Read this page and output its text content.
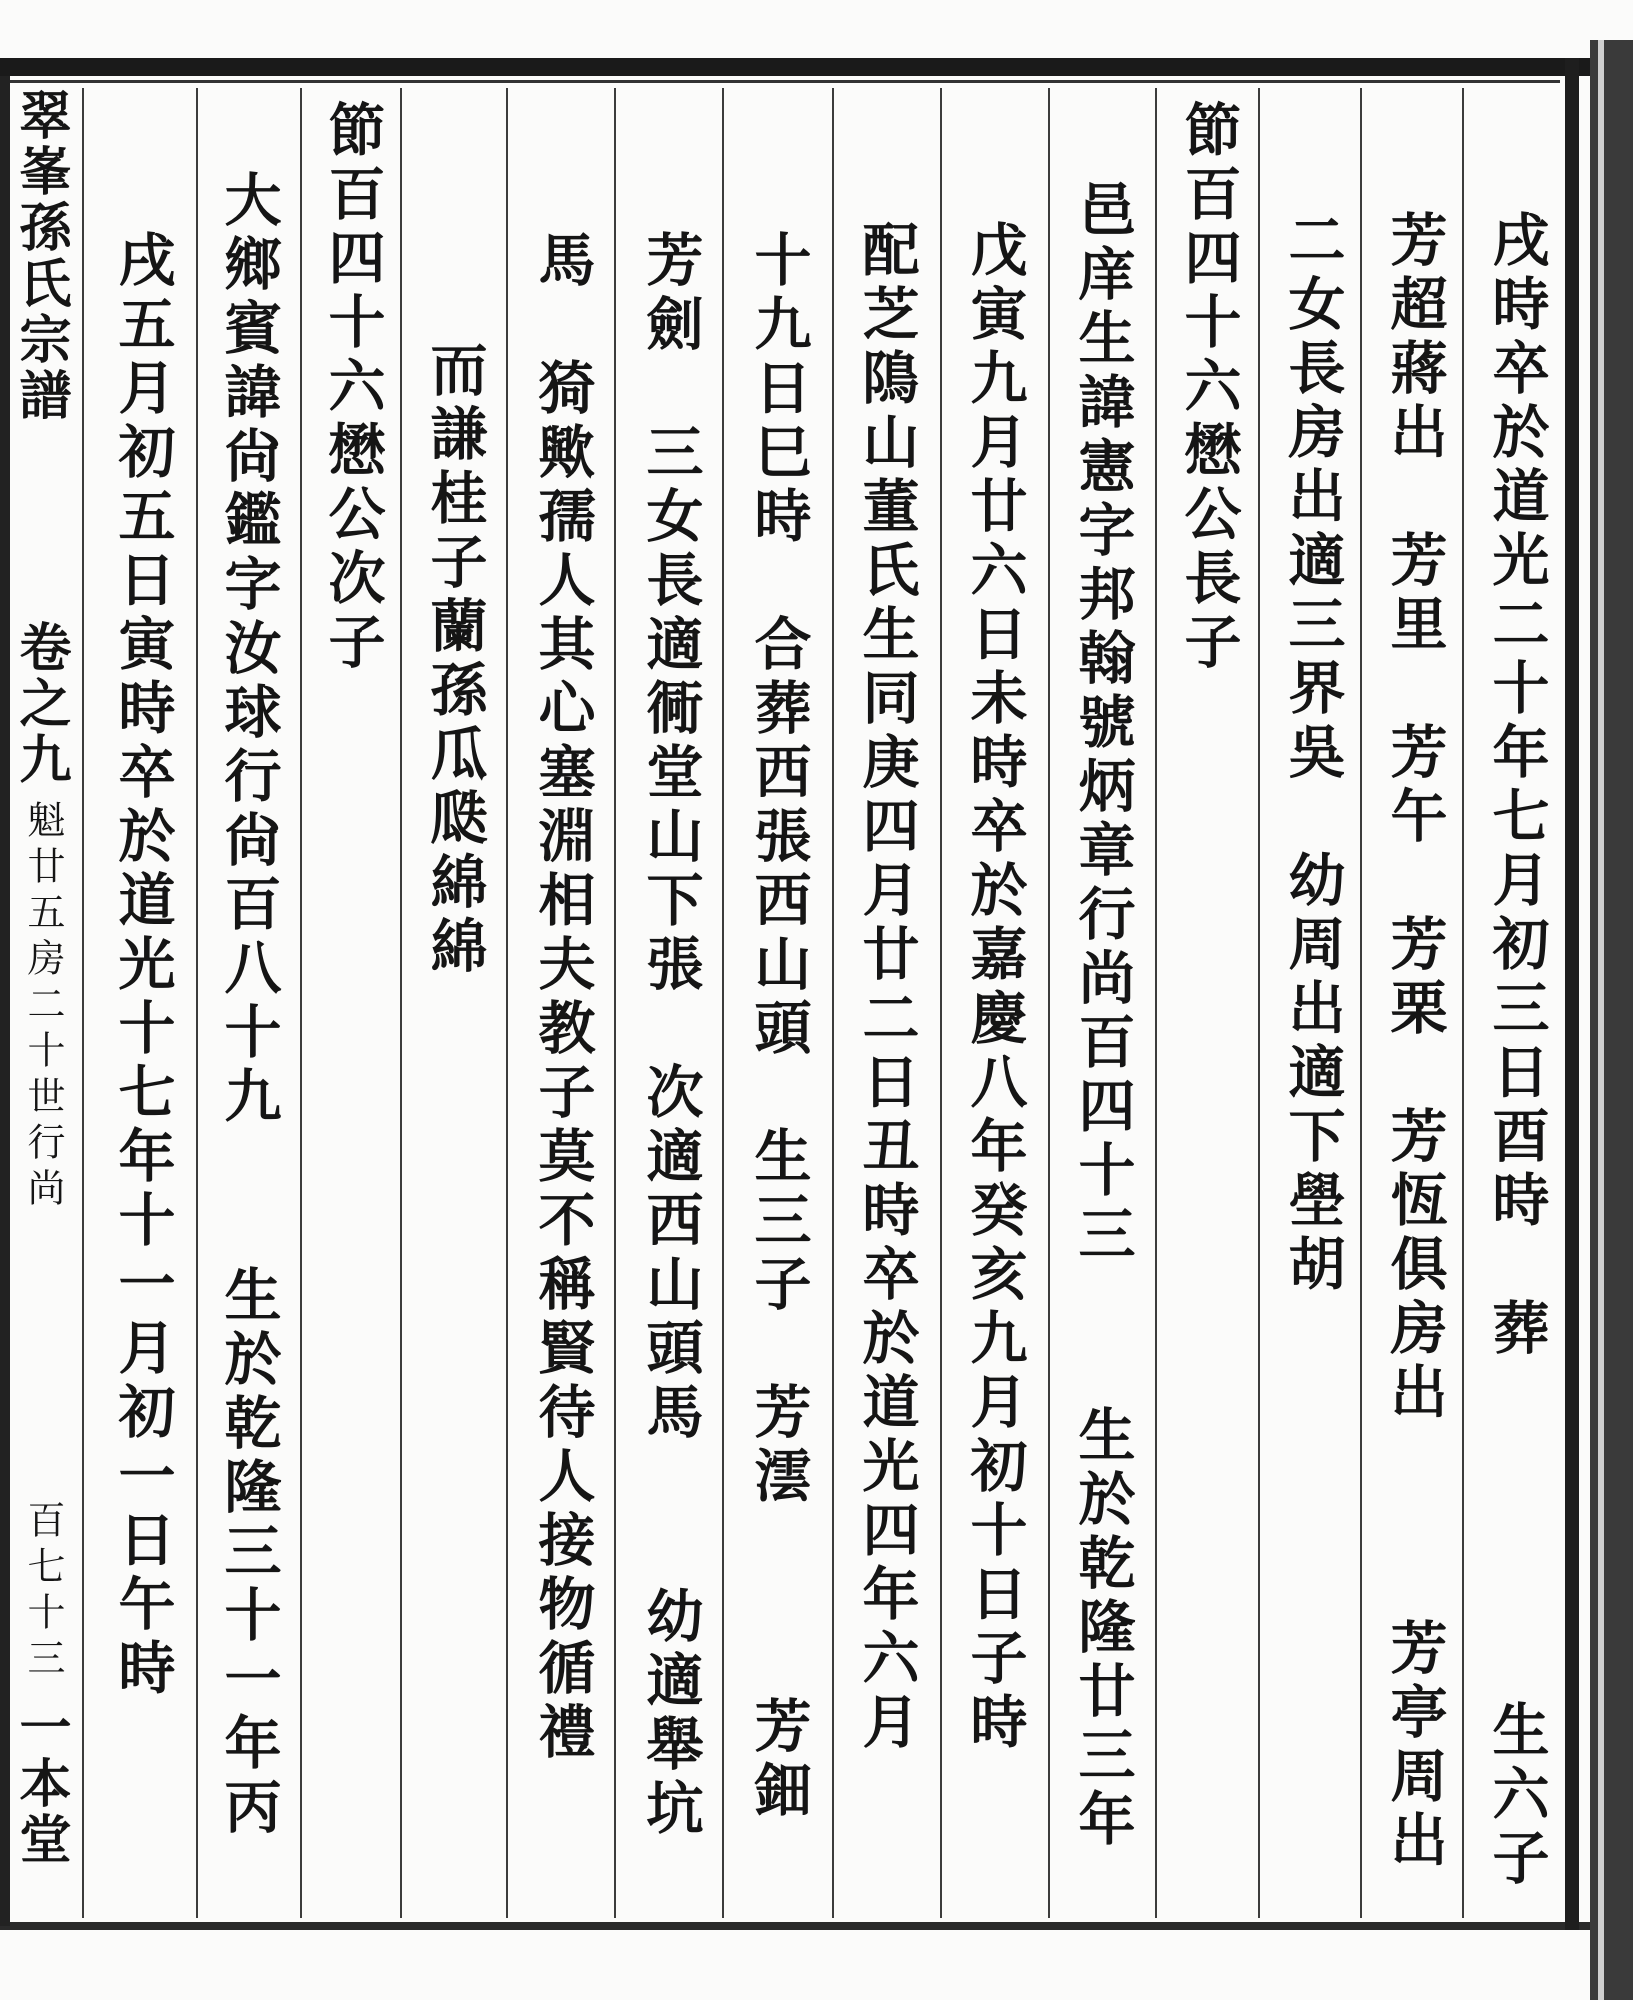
戌時卒於道光二十年七月初三日酉時　葬
生六子
芳超蔣出　芳里　芳午　芳栗　芳恆俱房出
芳亭周出
二女長房出適三界吳　幼周出適下壆胡
節百四十六懋公長子
邑庠生諱憲字邦翰號炳章行尚百四十三
生於乾隆廿三年
戊寅九月廿六日未時卒於嘉慶八年癸亥九月初十日子時
配芝隝山董氏生同庚四月廿二日丑時卒於道光四年六月
十九日巳時　合葬西張西山頭　生三子　芳澐
芳鈿
芳劍　三女長適衕堂山下張　次適西山頭馬
幼適舉坑
馬　猗歟孺人其心塞淵相夫教子莫不稱賢待人接物循禮
而謙桂子蘭孫瓜瓞綿綿
節百四十六懋公次子
大鄉賓諱尙鑑字汝球行尙百八十九
生於乾隆三十一年丙
戌五月初五日寅時卒於道光十七年十一月初一日午時
翠峯孫氏宗譜
卷之九
魁廿五房二十世行尚
百七十三
一本堂
